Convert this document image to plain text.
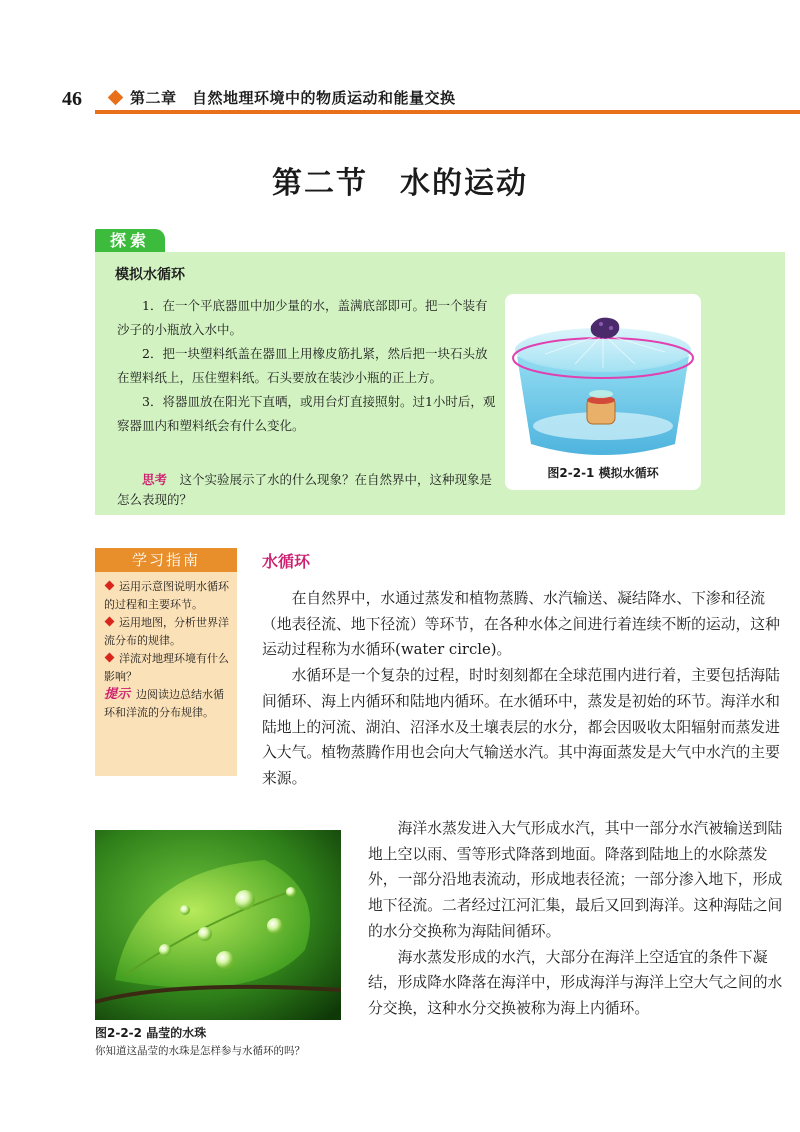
46	第二章　自然地理环境中的物质运动和能量交换
第二节　水的运动
探索
模拟水循环

1．在一个平底器皿中加少量的水，盖满底部即可。把一个装有沙子的小瓶放入水中。

2．把一块塑料纸盖在器皿上用橡皮筋扎紧，然后把一块石头放在塑料纸上，压住塑料纸。石头要放在装沙小瓶的正上方。

3．将器皿放在阳光下直晒，或用台灯直接照射。过1小时后，观察器皿内和塑料纸会有什么变化。

思考　 这个实验展示了水的什么现象？在自然界中，这种现象是怎么表现的？
图2-2-1 模拟水循环
学习指南
运用示意图说明水循环的过程和主要环节。
运用地图，分析世界洋流分布的规律。
洋流对地理环境有什么影响？
提示 边阅读边总结水循环和洋流的分布规律。
水循环

在自然界中，水通过蒸发和植物蒸腾、水汽输送、凝结降水、下渗和径流（地表径流、地下径流）等环节，在各种水体之间进行着连续不断的运动，这种运动过程称为水循环(water circle)。

水循环是一个复杂的过程，时时刻刻都在全球范围内进行着，主要包括海陆间循环、海上内循环和陆地内循环。在水循环中，蒸发是初始的环节。海洋水和陆地上的河流、湖泊、沼泽水及土壤表层的水分，都会因吸收太阳辐射而蒸发进入大气。植物蒸腾作用也会向大气输送水汽。其中海面蒸发是大气中水汽的主要来源。

海洋水蒸发进入大气形成水汽，其中一部分水汽被输送到陆地上空以雨、雪等形式降落到地面。降落到陆地上的水除蒸发外，一部分沿地表流动，形成地表径流；一部分渗入地下，形成地下径流。二者经过江河汇集，最后又回到海洋。这种海陆之间的水分交换称为海陆间循环。

海水蒸发形成的水汽，大部分在海洋上空适宜的条件下凝结，形成降水降落在海洋中，形成海洋与海洋上空大气之间的水分交换，这种水分交换被称为海上内循环。

图2-2-2 晶莹的水珠
你知道这晶莹的水珠是怎样参与水循环的吗？
